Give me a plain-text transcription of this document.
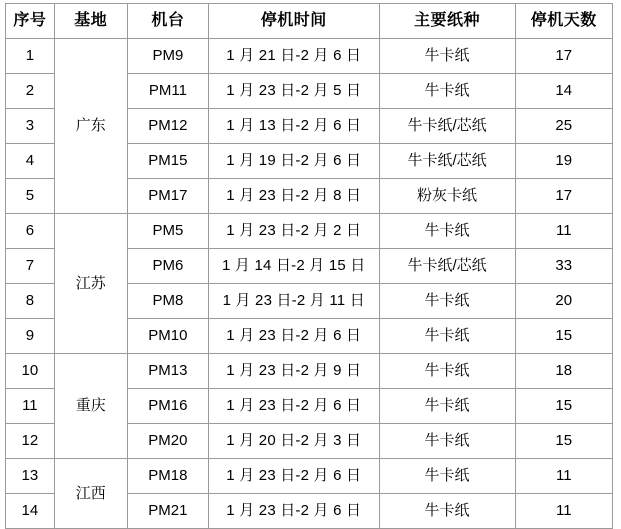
序号	基地	机台	停机时间	主要纸种	停机天数
1	广东	PM9	1 月 21 日-2 月 6 日	牛卡纸	17
2		PM11	1 月 23 日-2 月 5 日	牛卡纸	14
3		PM12	1 月 13 日-2 月 6 日	牛卡纸/芯纸	25
4		PM15	1 月 19 日-2 月 6 日	牛卡纸/芯纸	19
5		PM17	1 月 23 日-2 月 8 日	粉灰卡纸	17
6	江苏	PM5	1 月 23 日-2 月 2 日	牛卡纸	11
7		PM6	1 月 14 日-2 月 15 日	牛卡纸/芯纸	33
8		PM8	1 月 23 日-2 月 11 日	牛卡纸	20
9		PM10	1 月 23 日-2 月 6 日	牛卡纸	15
10	重庆	PM13	1 月 23 日-2 月 9 日	牛卡纸	18
11		PM16	1 月 23 日-2 月 6 日	牛卡纸	15
12		PM20	1 月 20 日-2 月 3 日	牛卡纸	15
13	江西	PM18	1 月 23 日-2 月 6 日	牛卡纸	11
14		PM21	1 月 23 日-2 月 6 日	牛卡纸	11
